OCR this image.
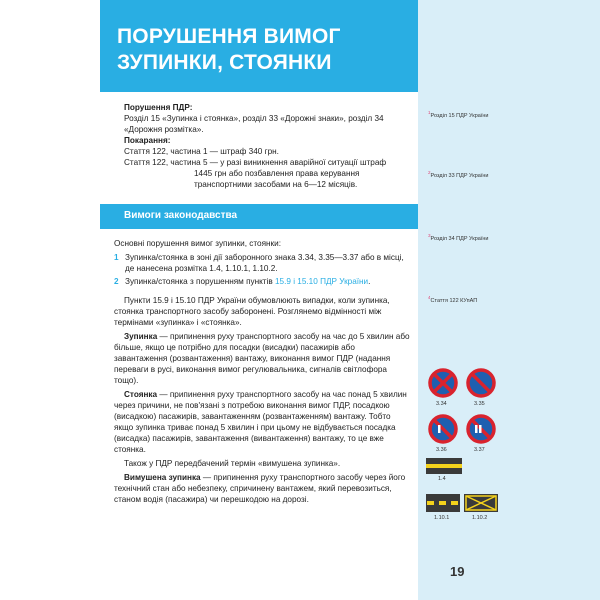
ПОРУШЕННЯ ВИМОГ
ЗУПИНКИ, СТОЯНКИ
Порушення ПДР:
Розділ 15 «Зупинка і стоянка», розділ 33 «Дорожні знаки», розділ 34 «Дорожня розмітка».
Покарання:
Стаття 122, частина 1 — штраф 340 грн.
Стаття 122, частина 5 — у разі виникнення аварійної ситуації штраф
1445 грн або позбавлення права керування транспортними засобами на 6—12 місяців.
Вимоги законодавства

Основні порушення вимог зупинки, стоянки:

1 Зупинка/стоянка в зоні дії заборонного знака 3.34, 3.35—3.37 або в місці, де нанесена розмітка 1.4, 1.10.1, 1.10.2.
2 Зупинка/стоянка з порушенням пунктів 15.9 і 15.10 ПДР України.

Пункти 15.9 і 15.10 ПДР України обумовлюють випадки, коли зупинка, стоянка транспортного засобу заборонені. Розглянемо відмінності між термінами «зупинка» і «стоянка».

Зупинка — припинення руху транспортного засобу на час до 5 хвилин або більше, якщо це потрібно для посадки (висадки) пасажирів або завантаження (розвантаження) вантажу, виконання вимог ПДР (надання переваги в русі, виконання вимог регулювальника, сигналів світлофора тощо).

Стоянка — припинення руху транспортного засобу на час понад 5 хвилин через причини, не пов'язані з потребою виконання вимог ПДР, посадкою (висадкою) пасажирів, завантаженням (розвантаженням) вантажу. Тобто якщо зупинка триває понад 5 хвилин і при цьому не відбувається посадка (висадка) пасажирів, завантаження (вивантаження) вантажу, то це вже стоянка.

Також у ПДР передбачений термін «вимушена зупинка».

Вимушена зупинка — припинення руху транспортного засобу через його технічний стан або небезпеку, спричинену вантажем, який перевозиться, станом водія (пасажира) чи перешкодою на дорозі.

$^1$Розділ 15 ПДР України
$^2$Розділ 33 ПДР України
$^3$Розділ 34 ПДР України
$^4$Стаття 122 КУпАП
3.34	3.35
3.36	3.37
1.4
1.10.1	1.10.2
19
